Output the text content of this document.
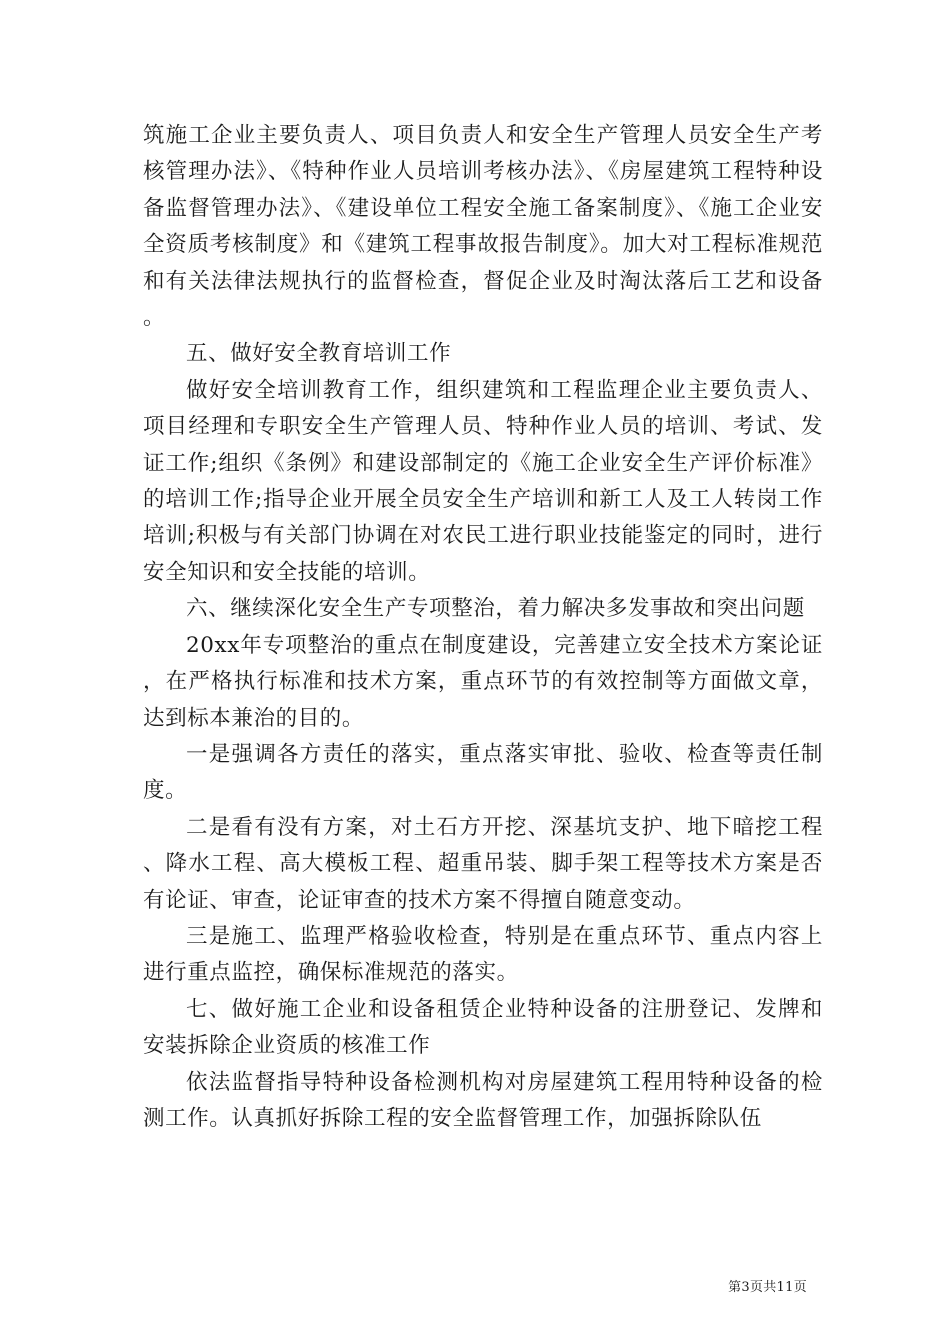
筑施工企业主要负责人、项目负责人和安全生产管理人员安全生产考核管理办法》、《特种作业人员培训考核办法》、《房屋建筑工程特种设备监督管理办法》、《建设单位工程安全施工备案制度》、《施工企业安全资质考核制度》和《建筑工程事故报告制度》。加大对工程标准规范和有关法律法规执行的监督检查，督促企业及时淘汰落后工艺和设备。

五、做好安全教育培训工作

做好安全培训教育工作，组织建筑和工程监理企业主要负责人、项目经理和专职安全生产管理人员、特种作业人员的培训、考试、发证工作;组织《条例》和建设部制定的《施工企业安全生产评价标准》的培训工作;指导企业开展全员安全生产培训和新工人及工人转岗工作培训;积极与有关部门协调在对农民工进行职业技能鉴定的同时，进行安全知识和安全技能的培训。

六、继续深化安全生产专项整治，着力解决多发事故和突出问题

20xx年专项整治的重点在制度建设，完善建立安全技术方案论证，在严格执行标准和技术方案，重点环节的有效控制等方面做文章，达到标本兼治的目的。

一是强调各方责任的落实，重点落实审批、验收、检查等责任制度。

二是看有没有方案，对土石方开挖、深基坑支护、地下暗挖工程、降水工程、高大模板工程、超重吊装、脚手架工程等技术方案是否有论证、审查，论证审查的技术方案不得擅自随意变动。

三是施工、监理严格验收检查，特别是在重点环节、重点内容上进行重点监控，确保标准规范的落实。

七、做好施工企业和设备租赁企业特种设备的注册登记、发牌和安装拆除企业资质的核准工作

依法监督指导特种设备检测机构对房屋建筑工程用特种设备的检测工作。认真抓好拆除工程的安全监督管理工作，加强拆除队伍

第3页共11页
